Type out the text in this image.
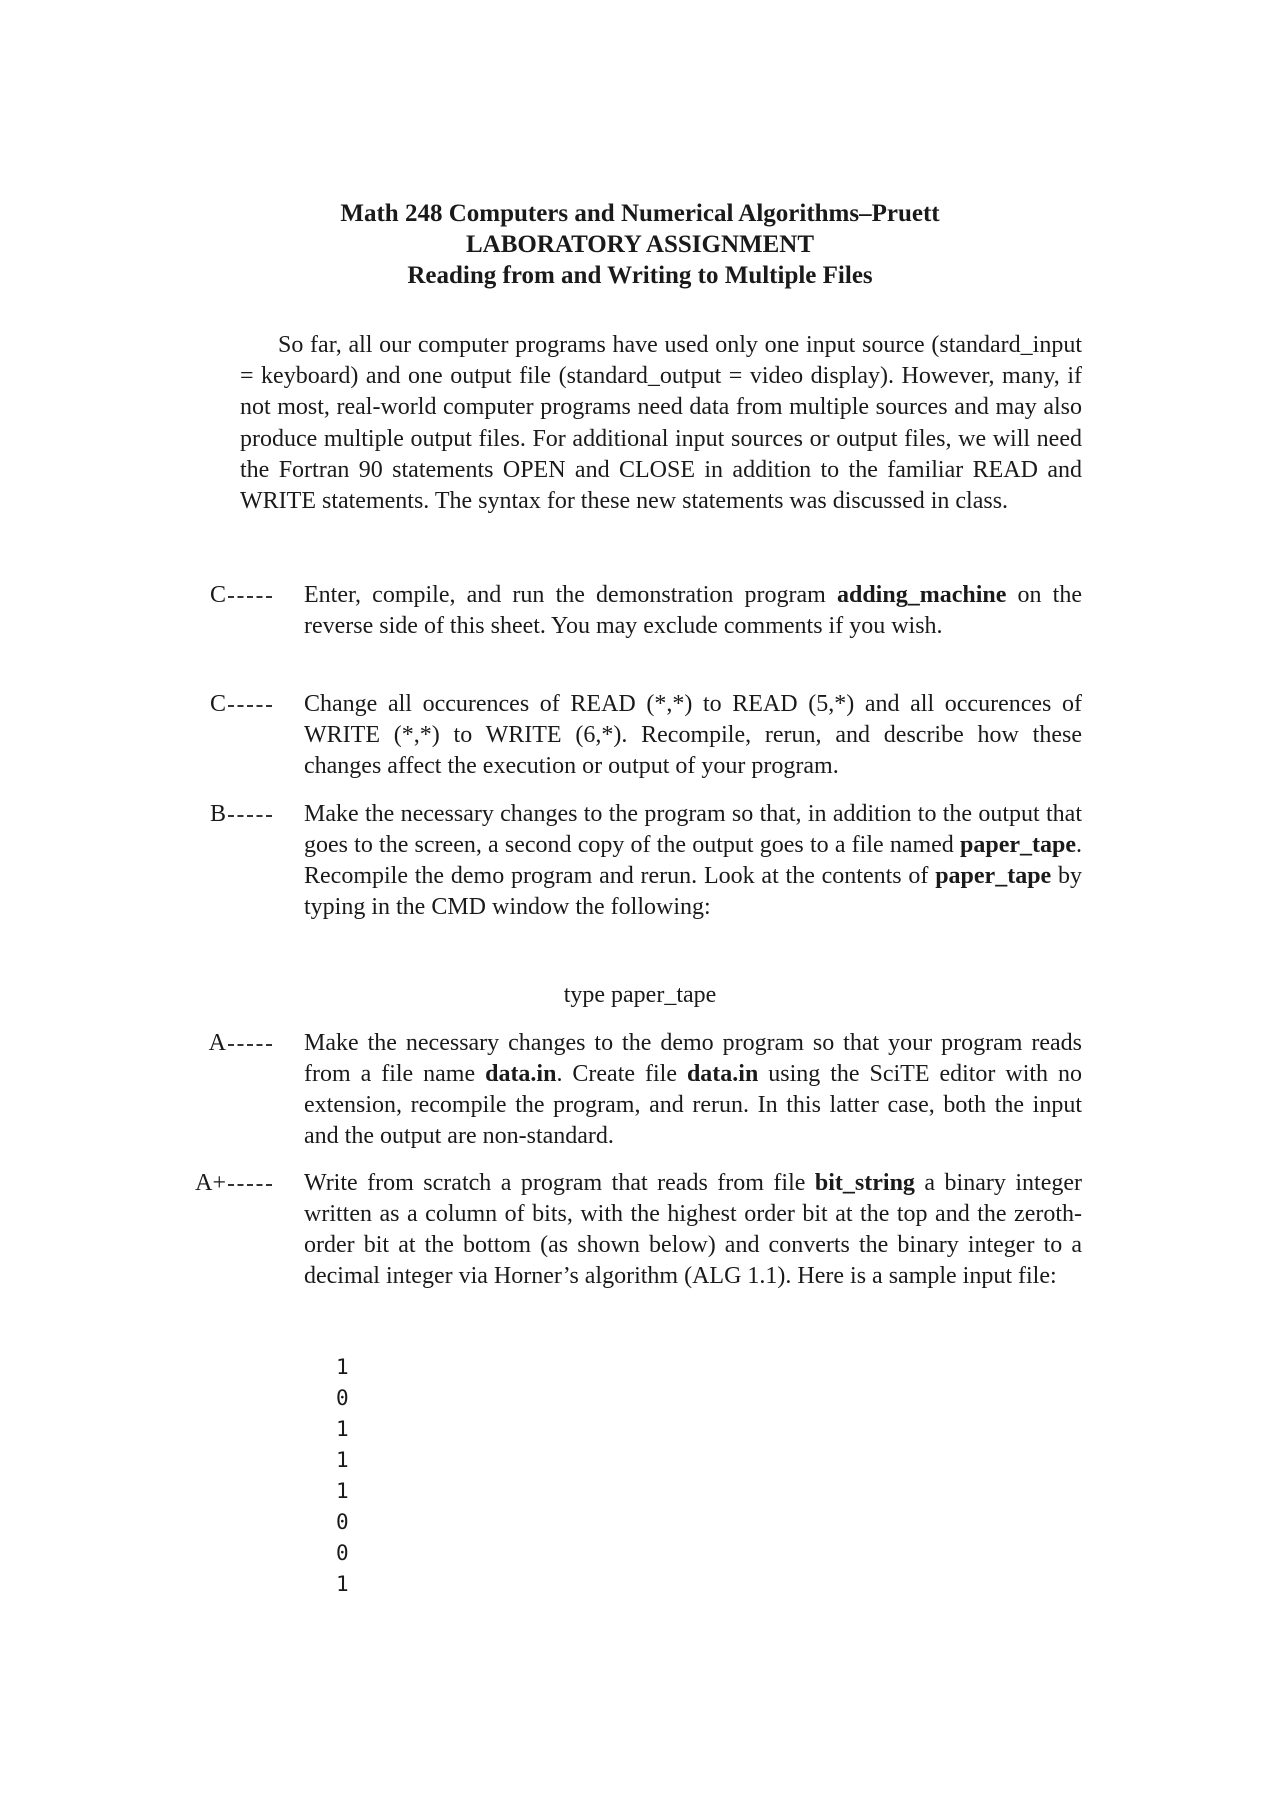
Math 248 Computers and Numerical Algorithms–Pruett
LABORATORY ASSIGNMENT
Reading from and Writing to Multiple Files
So far, all our computer programs have used only one input source (standard_input = keyboard) and one output file (standard_output = video display). However, many, if not most, real-world computer programs need data from multiple sources and may also produce multiple output files. For additional input sources or output files, we will need the Fortran 90 statements OPEN and CLOSE in addition to the familiar READ and WRITE statements. The syntax for these new statements was discussed in class.
C	Enter, compile, and run the demonstration program adding_machine on the reverse side of this sheet. You may exclude comments if you wish.
C	Change all occurences of READ (*,*) to READ (5,*) and all occurences of WRITE (*,*) to WRITE (6,*). Recompile, rerun, and describe how these changes affect the execution or output of your program.
B	Make the necessary changes to the program so that, in addition to the output that goes to the screen, a second copy of the output goes to a file named paper_tape. Recompile the demo program and rerun. Look at the contents of paper_tape by typing in the CMD window the following:
type paper_tape
A	Make the necessary changes to the demo program so that your program reads from a file name data.in. Create file data.in using the SciTE editor with no extension, recompile the program, and rerun. In this latter case, both the input and the output are non-standard.
A+	Write from scratch a program that reads from file bit_string a binary integer written as a column of bits, with the highest order bit at the top and the zeroth-order bit at the bottom (as shown below) and converts the binary integer to a decimal integer via Horner’s algorithm (ALG 1.1). Here is a sample input file:
1
0
1
1
1
0
0
1
